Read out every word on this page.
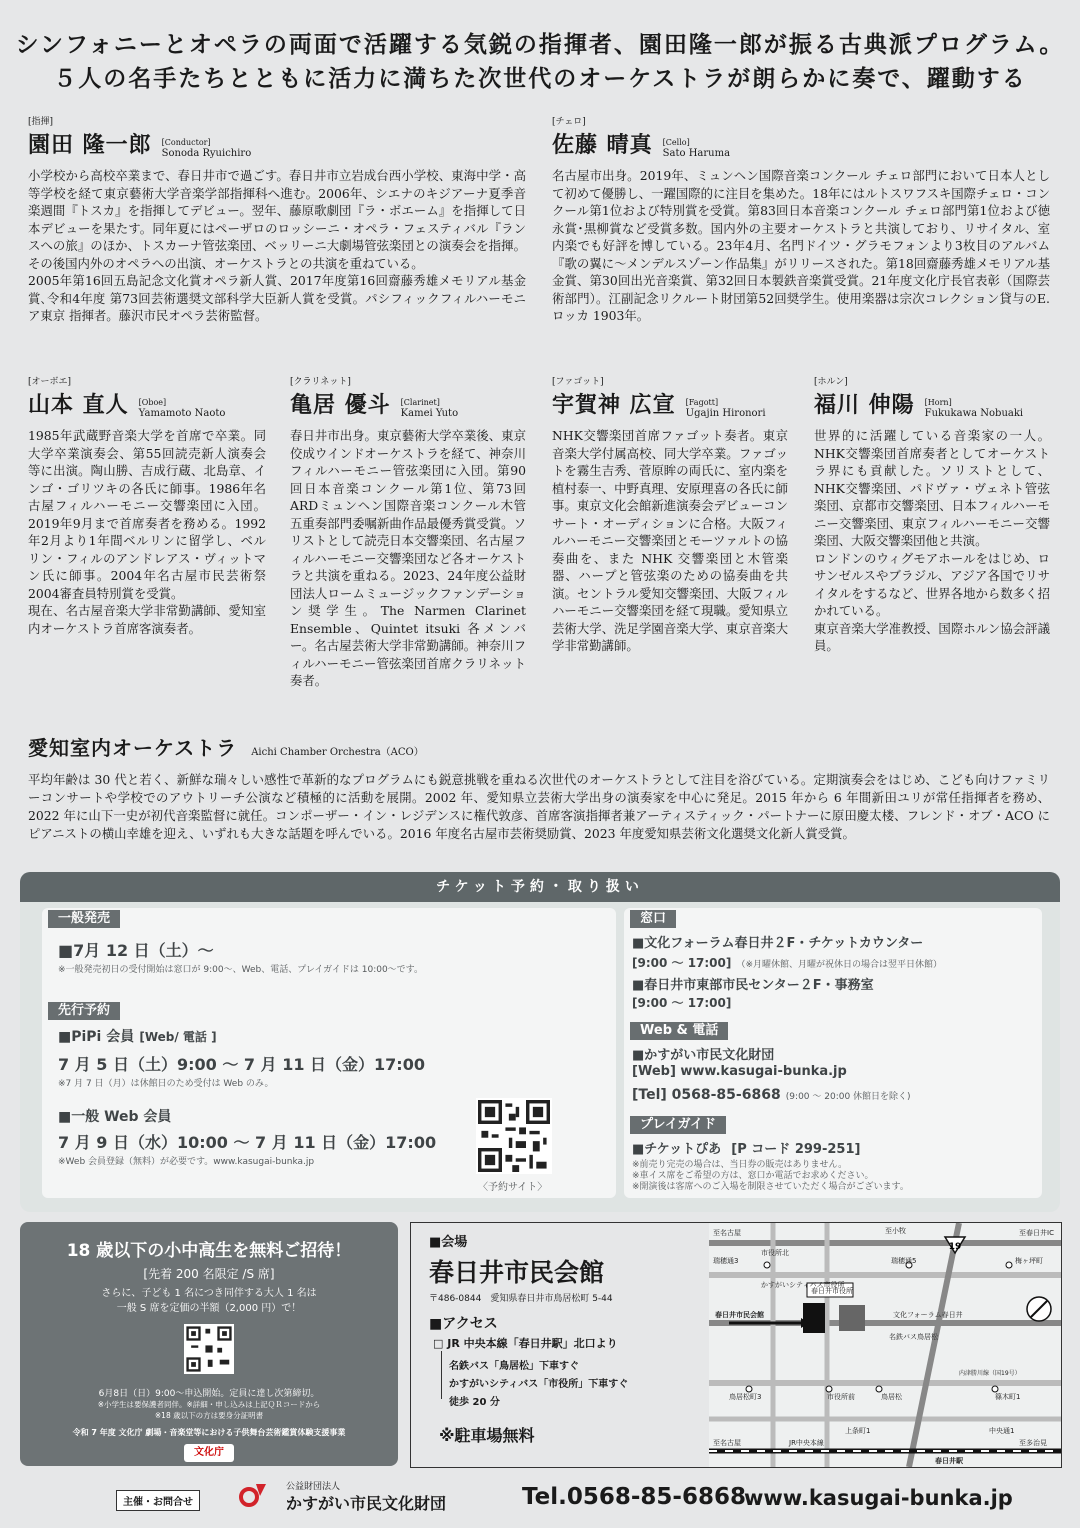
シンフォニーとオペラの両面で活躍する気鋭の指揮者、園田隆一郎が振る古典派プログラム。
５人の名手たちとともに活力に満ちた次世代のオーケストラが朗らかに奏で、躍動する
[指揮]
園田 隆一郎 [Conductor]
Sonoda Ryuichiro
小学校から高校卒業まで、春日井市で過ごす。春日井市立岩成台西小学校、東海中学・高等学校を経て東京藝術大学音楽学部指揮科へ進む。2006年、シエナのキジアーナ夏季音楽週間『トスカ』を指揮してデビュー。翌年、藤原歌劇団『ラ・ボエーム』を指揮して日本デビューを果たす。同年夏にはペーザロのロッシーニ・オペラ・フェスティバル『ランスへの旅』のほか、トスカーナ管弦楽団、ベッリーニ大劇場管弦楽団との演奏会を指揮。その後国内外のオペラへの出演、オーケストラとの共演を重ねている。
2005年第16回五島記念文化賞オペラ新人賞、2017年度第16回齋藤秀雄メモリアル基金賞､令和4年度 第73回芸術選奨文部科学大臣新人賞を受賞。パシフィックフィルハーモニア東京 指揮者。藤沢市民オペラ芸術監督。
[チェロ]
佐藤 晴真 [Cello]
Sato Haruma
名古屋市出身。2019年、ミュンヘン国際音楽コンクール チェロ部門において日本人として初めて優勝し、一躍国際的に注目を集めた。18年にはルトスワフスキ国際チェロ・コンクール第1位および特別賞を受賞。第83回日本音楽コンクール チェロ部門第1位および徳永賞･黒柳賞など受賞多数。国内外の主要オーケストラと共演しており、リサイタル、室内楽でも好評を博している。23年4月、名門ドイツ・グラモフォンより3枚目のアルバム『歌の翼に〜メンデルスゾーン作品集』がリリースされた。第18回齋藤秀雄メモリアル基金賞、第30回出光音楽賞、第32回日本製鉄音楽賞受賞。21年度文化庁長官表彰（国際芸術部門）。江副記念リクルート財団第52回奨学生。使用楽器は宗次コレクション貸与のE. ロッカ 1903年。
[オーボエ]
山本 直人 [Oboe]
Yamamoto Naoto
1985年武蔵野音楽大学を首席で卒業。同大学卒業演奏会、第55回読売新人演奏会等に出演。陶山勝、吉成行蔵、北島章、インゴ・ゴリツキの各氏に師事。1986年名古屋フィルハーモニー交響楽団に入団。2019年9月まで首席奏者を務める。1992年2月より1年間ベルリンに留学し、ベルリン・フィルのアンドレアス・ヴィットマン氏に師事。2004年名古屋市民芸術祭2004審査員特別賞を受賞。
現在、名古屋音楽大学非常勤講師、愛知室内オーケストラ首席客演奏者。
[クラリネット]
亀居 優斗 [Clarinet]
Kamei Yuto
春日井市出身。東京藝術大学卒業後、東京佼成ウインドオーケストラを経て、神奈川フィルハーモニー管弦楽団に入団。第90回日本音楽コンクール第1位、第73回ARDミュンヘン国際音楽コンクール木管五重奏部門委嘱新曲作品最優秀賞受賞。ソリストとして読売日本交響楽団、名古屋フィルハーモニー交響楽団など各オーケストラと共演を重ねる。2023、24年度公益財団法人ロームミュージックファンデーション奨学生。The Narmen Clarinet Ensemble、Quintet itsuki 各メンバー。名古屋芸術大学非常勤講師。神奈川フィルハーモニー管弦楽団首席クラリネット奏者。
[ファゴット]
宇賀神 広宣 [Fagott]
Ugajin Hironori
NHK交響楽団首席ファゴット奏者。東京音楽大学付属高校、同大学卒業。ファゴットを霧生吉秀、菅原眸の両氏に、室内楽を植村泰一、中野真理、安原理喜の各氏に師事。東京文化会館新進演奏会デビューコンサート・オーディションに合格。大阪フィルハーモニー交響楽団とモーツァルトの協奏曲を、また NHK 交響楽団と木管楽器、ハープと管弦楽のための協奏曲を共演。セントラル愛知交響楽団、大阪フィルハーモニー交響楽団を経て現職。愛知県立芸術大学、洗足学園音楽大学、東京音楽大学非常勤講師。
[ホルン]
福川 伸陽 [Horn]
Fukukawa Nobuaki
世界的に活躍している音楽家の一人。NHK交響楽団首席奏者としてオーケストラ界にも貢献した。ソリストとして、NHK交響楽団、パドヴァ・ヴェネト管弦楽団、京都市交響楽団、日本フィルハーモニー交響楽団、東京フィルハーモニー交響楽団、大阪交響楽団他と共演。
ロンドンのウィグモアホールをはじめ、ロサンゼルスやブラジル、アジア各国でリサイタルをするなど、世界各地から数多く招かれている。
東京音楽大学准教授、国際ホルン協会評議員。
愛知室内オーケストラ Aichi Chamber Orchestra（ACO）
平均年齢は 30 代と若く、新鮮な瑞々しい感性で革新的なプログラムにも鋭意挑戦を重ねる次世代のオーケストラとして注目を浴びている。定期演奏会をはじめ、こども向けファミリーコンサートや学校でのアウトリーチ公演など積極的に活動を展開。2002 年、愛知県立芸術大学出身の演奏家を中心に発足。2015 年から 6 年間新田ユリが常任指揮者を務め、2022 年に山下一史が初代音楽監督に就任。コンポーザー・イン・レジデンスに権代敦彦、首席客演指揮者兼アーティスティック・パートナーに原田慶太楼、フレンド・オブ・ACO にピアニストの横山幸雄を迎え、いずれも大きな話題を呼んでいる。2016 年度名古屋市芸術奨励賞、2023 年度愛知県芸術文化選奨文化新人賞受賞。
チケット予約・取り扱い
一般発売
■7月 12 日（土）〜
※一般発売初日の受付開始は窓口が 9:00〜、Web、電話、プレイガイドは 10:00〜です。
先行予約
■PiPi 会員 [Web/ 電話 ]
7 月 5 日（土）9:00 〜 7 月 11 日（金）17:00
※7 月 7 日（月）は休館日のため受付は Web のみ。
■一般 Web 会員
7 月 9 日（水）10:00 〜 7 月 11 日（金）17:00
※Web 会員登録（無料）が必要です。www.kasugai-bunka.jp
〈予約サイト〉
窓口
■文化フォーラム春日井２F・チケットカウンター
[9:00 〜 17:00] （※月曜休館、月曜が祝休日の場合は翌平日休館）
■春日井市東部市民センター２F・事務室
[9:00 〜 17:00]
Web & 電話
■かすがい市民文化財団
[Web] www.kasugai-bunka.jp
[Tel] 0568-85-6868 (9:00 〜 20:00 休館日を除く)
プレイガイド
■チケットぴあ [P コード 299-251]
※前売り完売の場合は、当日券の販売はありません。
※車イス席をご希望の方は、窓口か電話でお求めください。
※開演後は客席へのご入場を制限させていただく場合がございます。
18 歳以下の小中高生を無料ご招待！
[先着 200 名限定 /S 席]
さらに、子ども 1 名につき同伴する大人 1 名は
一般 S 席を定価の半額（2,000 円）で！
6月8日（日）9:00〜申込開始。定員に達し次第締切。
※小学生は要保護者同伴。※詳細・申し込みは上記ＱＲコードから
※18 歳以下の方は要身分証明書
令和 7 年度 文化庁 劇場・音楽堂等における子供舞台芸術鑑賞体験支援事業
文化庁
■会場
春日井市民会館
〒486-0844　愛知県春日井市鳥居松町 5-44
■アクセス
□ JR 中央本線「春日井駅」北口より
名鉄バス「鳥居松」下車すぐ
かすがいシティバス「市役所」下車すぐ
徒歩 20 分
※駐車場無料
19
至名古屋	至小牧	至春日井IC
市役所北
瑞穂通3	瑞穂通5	梅ヶ坪町
かすがいシティバス市役所
春日井市役所
春日井市民会館	文化フォーラム春日井
名鉄バス鳥居松
鳥居松町3	市役所前	鳥居松	篠木町1
内津勝川線（国19号）
上条町1	中央通1
至名古屋	JR中央本線
春日井駅
至多治見
主催・お問合せ
公益財団法人
かすがい市民文化財団	Tel.0568-85-6868
www.kasugai-bunka.jp
